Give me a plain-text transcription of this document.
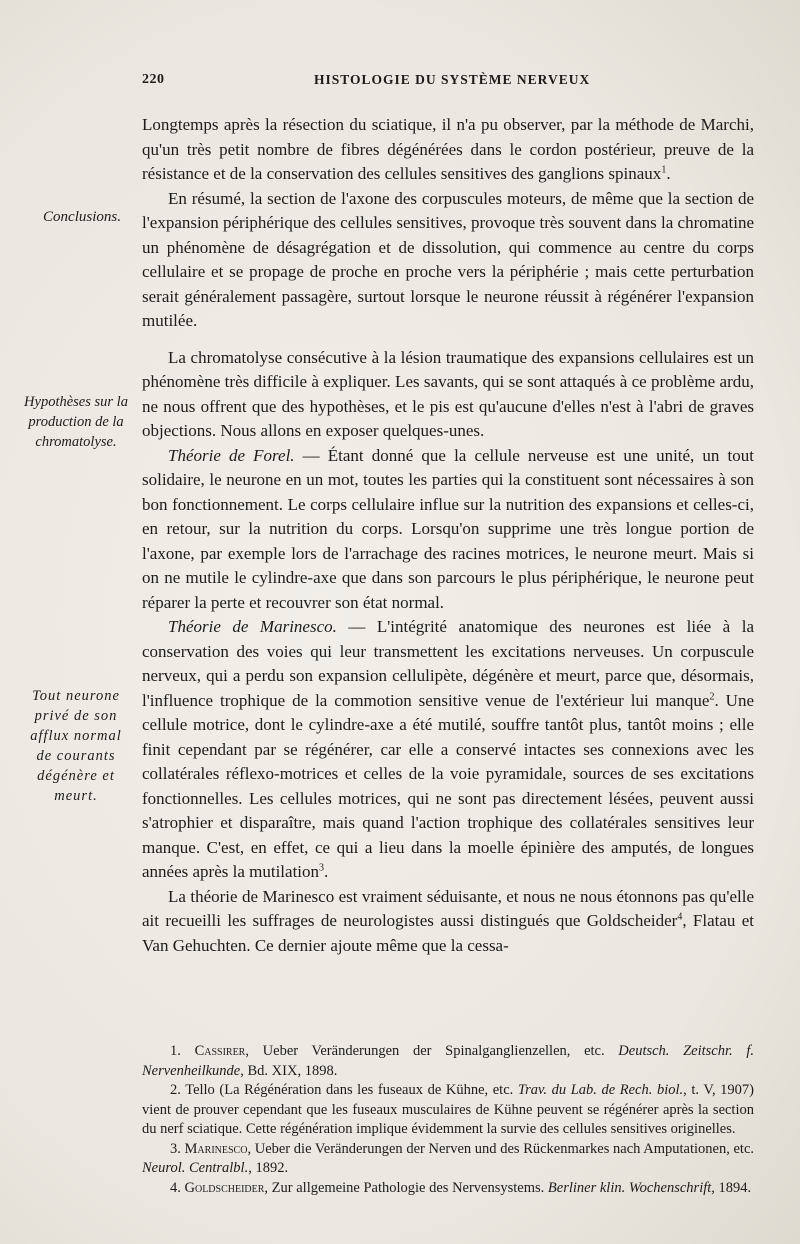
220	HISTOLOGIE DU SYSTÈME NERVEUX
Conclusions.
Hypothèses sur la production de la chromatolyse.
Tout neurone privé de son afflux normal de courants dégénère et meurt.

Longtemps après la résection du sciatique, il n'a pu observer, par la méthode de Marchi, qu'un très petit nombre de fibres dégénérées dans le cordon postérieur, preuve de la résistance et de la conservation des cellules sensitives des ganglions spinaux$^1$.

En résumé, la section de l'axone des corpuscules moteurs, de même que la section de l'expansion périphérique des cellules sensitives, provoque très souvent dans la chromatine un phénomène de désagrégation et de dissolution, qui commence au centre du corps cellulaire et se propage de proche en proche vers la périphérie ; mais cette perturbation serait généralement passagère, surtout lorsque le neurone réussit à régénérer l'expansion mutilée.

La chromatolyse consécutive à la lésion traumatique des expansions cellulaires est un phénomène très difficile à expliquer. Les savants, qui se sont attaqués à ce problème ardu, ne nous offrent que des hypothèses, et le pis est qu'aucune d'elles n'est à l'abri de graves objections. Nous allons en exposer quelques-unes.

Théorie de Forel. — Étant donné que la cellule nerveuse est une unité, un tout solidaire, le neurone en un mot, toutes les parties qui la constituent sont nécessaires à son bon fonctionnement. Le corps cellulaire influe sur la nutrition des expansions et celles-ci, en retour, sur la nutrition du corps. Lorsqu'on supprime une très longue portion de l'axone, par exemple lors de l'arrachage des racines motrices, le neurone meurt. Mais si on ne mutile le cylindre-axe que dans son parcours le plus périphérique, le neurone peut réparer la perte et recouvrer son état normal.

Théorie de Marinesco. — L'intégrité anatomique des neurones est liée à la conservation des voies qui leur transmettent les excitations nerveuses. Un corpuscule nerveux, qui a perdu son expansion cellulipète, dégénère et meurt, parce que, désormais, l'influence trophique de la commotion sensitive venue de l'extérieur lui manque$^2$. Une cellule motrice, dont le cylindre-axe a été mutilé, souffre tantôt plus, tantôt moins ; elle finit cependant par se régénérer, car elle a conservé intactes ses connexions avec les collatérales réflexo-motrices et celles de la voie pyramidale, sources de ses excitations fonctionnelles. Les cellules motrices, qui ne sont pas directement lésées, peuvent aussi s'atrophier et disparaître, mais quand l'action trophique des collatérales sensitives leur manque. C'est, en effet, ce qui a lieu dans la moelle épinière des amputés, de longues années après la mutilation$^3$.

La théorie de Marinesco est vraiment séduisante, et nous ne nous étonnons pas qu'elle ait recueilli les suffrages de neurologistes aussi distingués que Goldscheider$^4$, Flatau et Van Gehuchten. Ce dernier ajoute même que la cessa-

1. Cassirer, Ueber Veränderungen der Spinalganglienzellen, etc. Deutsch. Zeitschr. f. Nervenheilkunde, Bd. XIX, 1898.

2. Tello (La Régénération dans les fuseaux de Kühne, etc. Trav. du Lab. de Rech. biol., t. V, 1907) vient de prouver cependant que les fuseaux musculaires de Kühne peuvent se régénérer après la section du nerf sciatique. Cette régénération implique évidemment la survie des cellules sensitives originelles.

3. Marinesco, Ueber die Veränderungen der Nerven und des Rückenmarkes nach Amputationen, etc. Neurol. Centralbl., 1892.

4. Goldscheider, Zur allgemeine Pathologie des Nervensystems. Berliner klin. Wochenschrift, 1894.
